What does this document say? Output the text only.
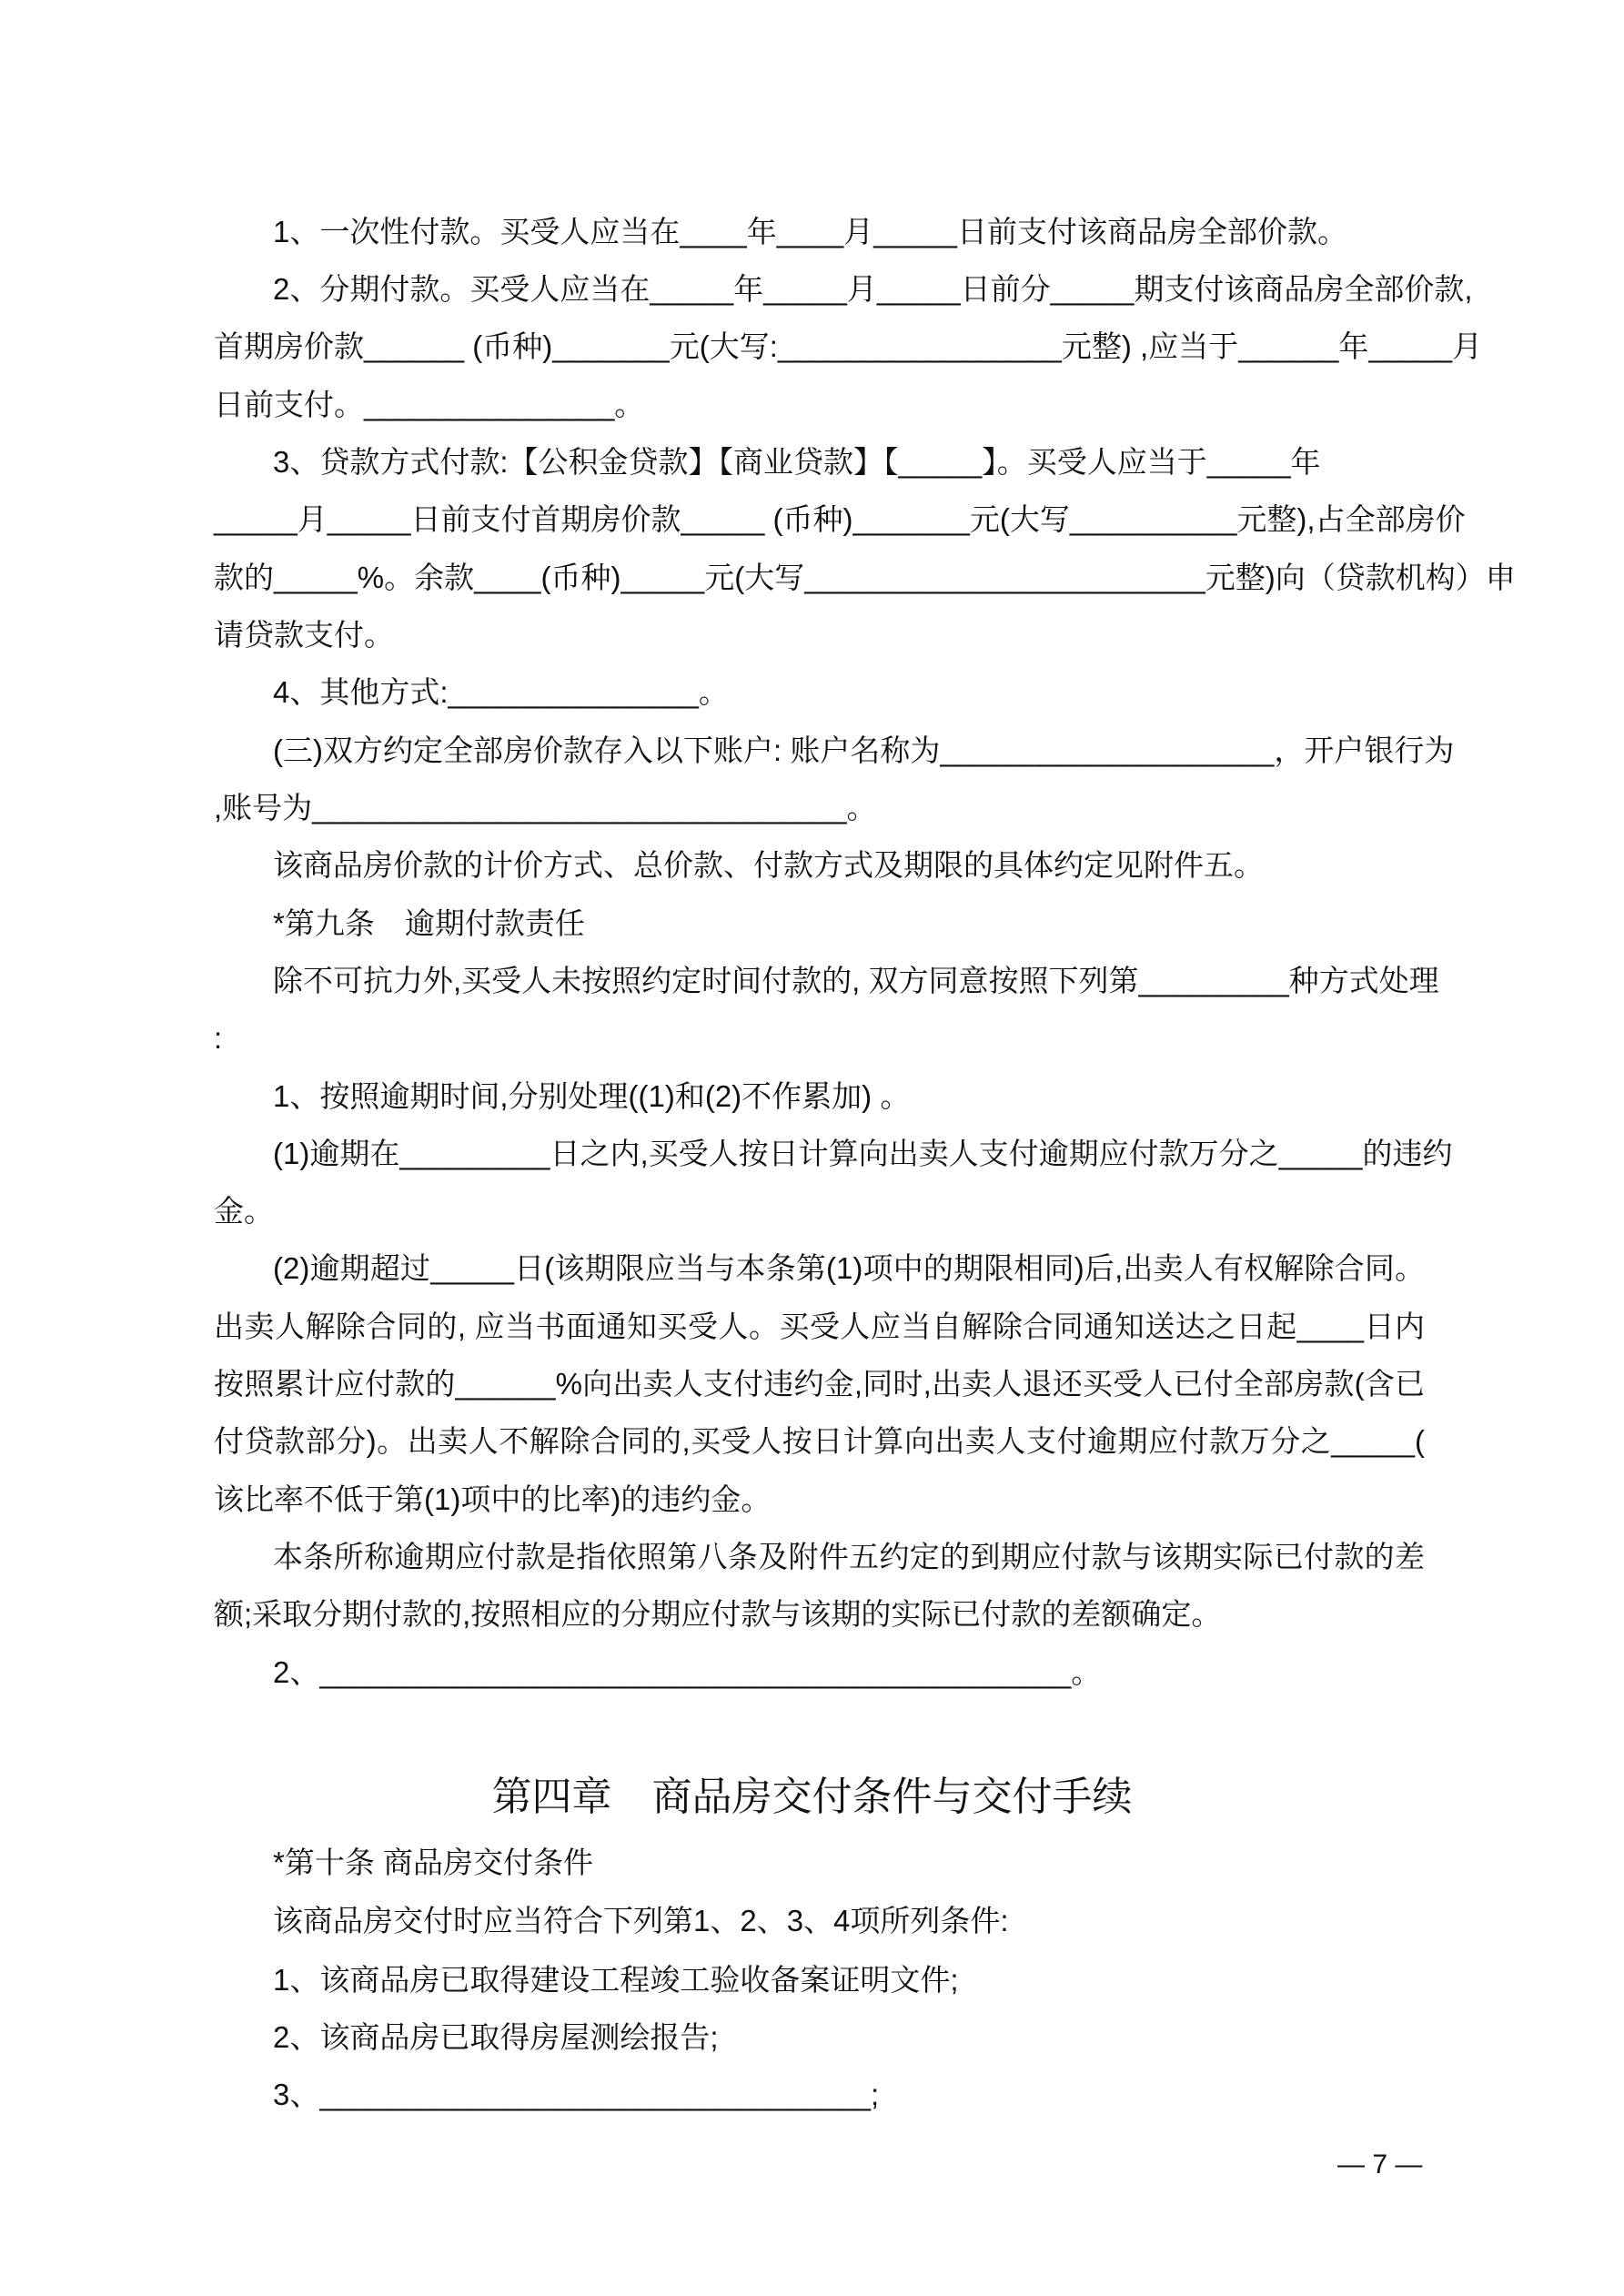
1、一次性付款。买受人应当在____年____月_____日前支付该商品房全部价款。
2、分期付款。买受人应当在_____年_____月_____日前分_____期支付该商品房全部价款,
首期房价款______ (币种)_______元(大写:_________________元整) ,应当于______年_____月
日前支付。_______________。
3、贷款方式付款:【公积金贷款】【商业贷款】【_____】。买受人应当于_____年
_____月_____日前支付首期房价款_____ (币种)_______元(大写__________元整),占全部房价
款的_____%。余款____(币种)_____元(大写________________________元整)向（贷款机构）申
请贷款支付。
4、其他方式:_______________。
(三)双方约定全部房价款存入以下账户: 账户名称为____________________，开户银行为
,账号为________________________________。
该商品房价款的计价方式、总价款、付款方式及期限的具体约定见附件五。
*第九条　逾期付款责任
除不可抗力外,买受人未按照约定时间付款的, 双方同意按照下列第_________种方式处理
:
1、按照逾期时间,分别处理((1)和(2)不作累加) 。
(1)逾期在_________日之内,买受人按日计算向出卖人支付逾期应付款万分之_____的违约
金。
(2)逾期超过_____日(该期限应当与本条第(1)项中的期限相同)后,出卖人有权解除合同。
出卖人解除合同的, 应当书面通知买受人。买受人应当自解除合同通知送达之日起____日内
按照累计应付款的______%向出卖人支付违约金,同时,出卖人退还买受人已付全部房款(含已
付贷款部分)。出卖人不解除合同的,买受人按日计算向出卖人支付逾期应付款万分之_____(
该比率不低于第(1)项中的比率)的违约金。
本条所称逾期应付款是指依照第八条及附件五约定的到期应付款与该期实际已付款的差
额;采取分期付款的,按照相应的分期应付款与该期的实际已付款的差额确定。
2、_____________________________________________。
第四章　商品房交付条件与交付手续
*第十条 商品房交付条件
该商品房交付时应当符合下列第1、2、3、4项所列条件:
1、该商品房已取得建设工程竣工验收备案证明文件;
2、该商品房已取得房屋测绘报告;
3、_________________________________;
— 7 —
